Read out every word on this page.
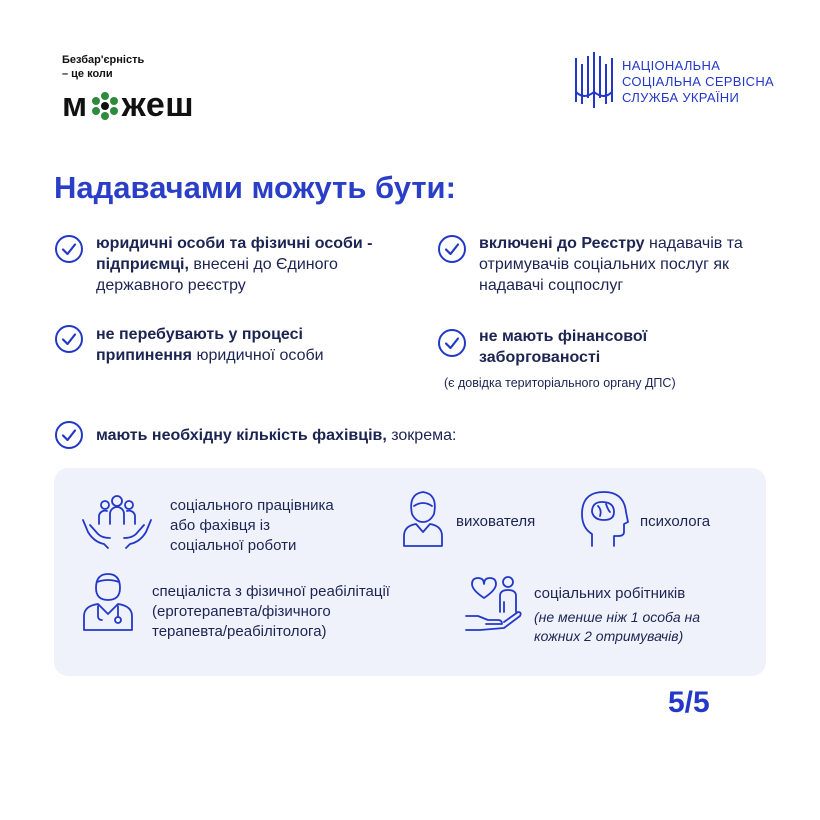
Безбар'єрність
– це коли
м жеш
НАЦІОНАЛЬНА
СОЦІАЛЬНА СЕРВІСНА
СЛУЖБА УКРАЇНИ
Надавачами можуть бути:
юридичні особи та фізичні особи - підприємці, внесені до Єдиного державного реєстру
включені до Реєстру надавачів та отримувачів соціальних послуг як надавачі соцпослуг
не перебувають у процесі припинення юридичної особи
не мають фінансової заборгованості
(є довідка територіального органу ДПС)
мають необхідну кількість фахівців, зокрема:
соціального працівника
або фахівця із
соціальної роботи
вихователя	психолога
спеціаліста з фізичної реабілітації
(ерготерапевта/фізичного
терапевта/реабілітолога)
соціальних робітників
(не менше ніж 1 особа на
кожних 2 отримувачів)
5/5
